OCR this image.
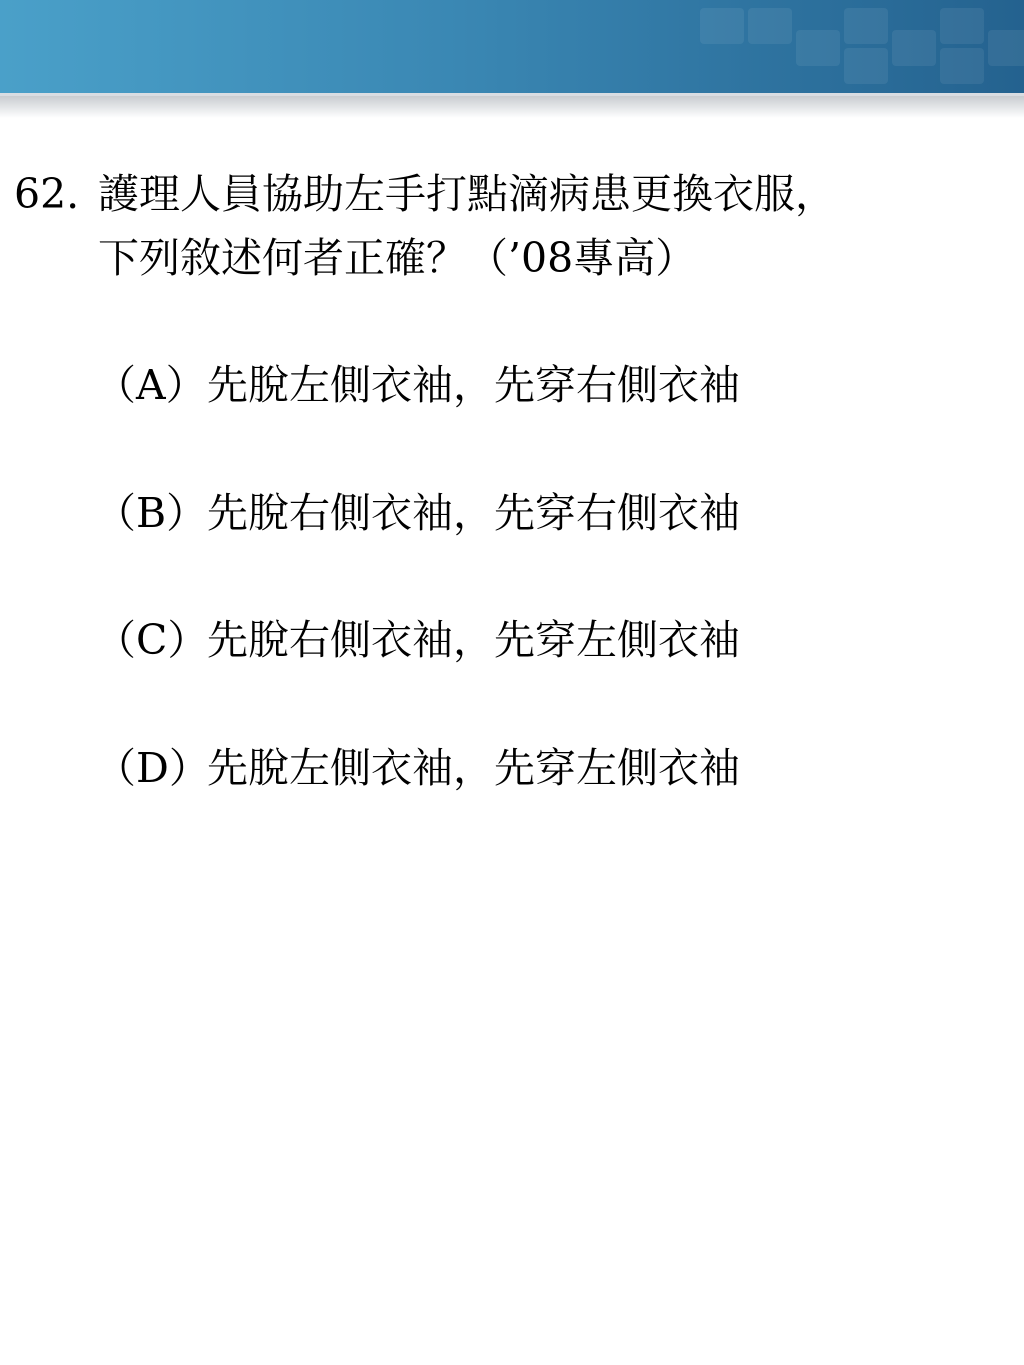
62. 護理人員協助左手打點滴病患更換衣服，
下列敘述何者正確？（’08專高）
（A）先脫左側衣袖，先穿右側衣袖
（B）先脫右側衣袖，先穿右側衣袖
（C）先脫右側衣袖，先穿左側衣袖
（D）先脫左側衣袖，先穿左側衣袖
